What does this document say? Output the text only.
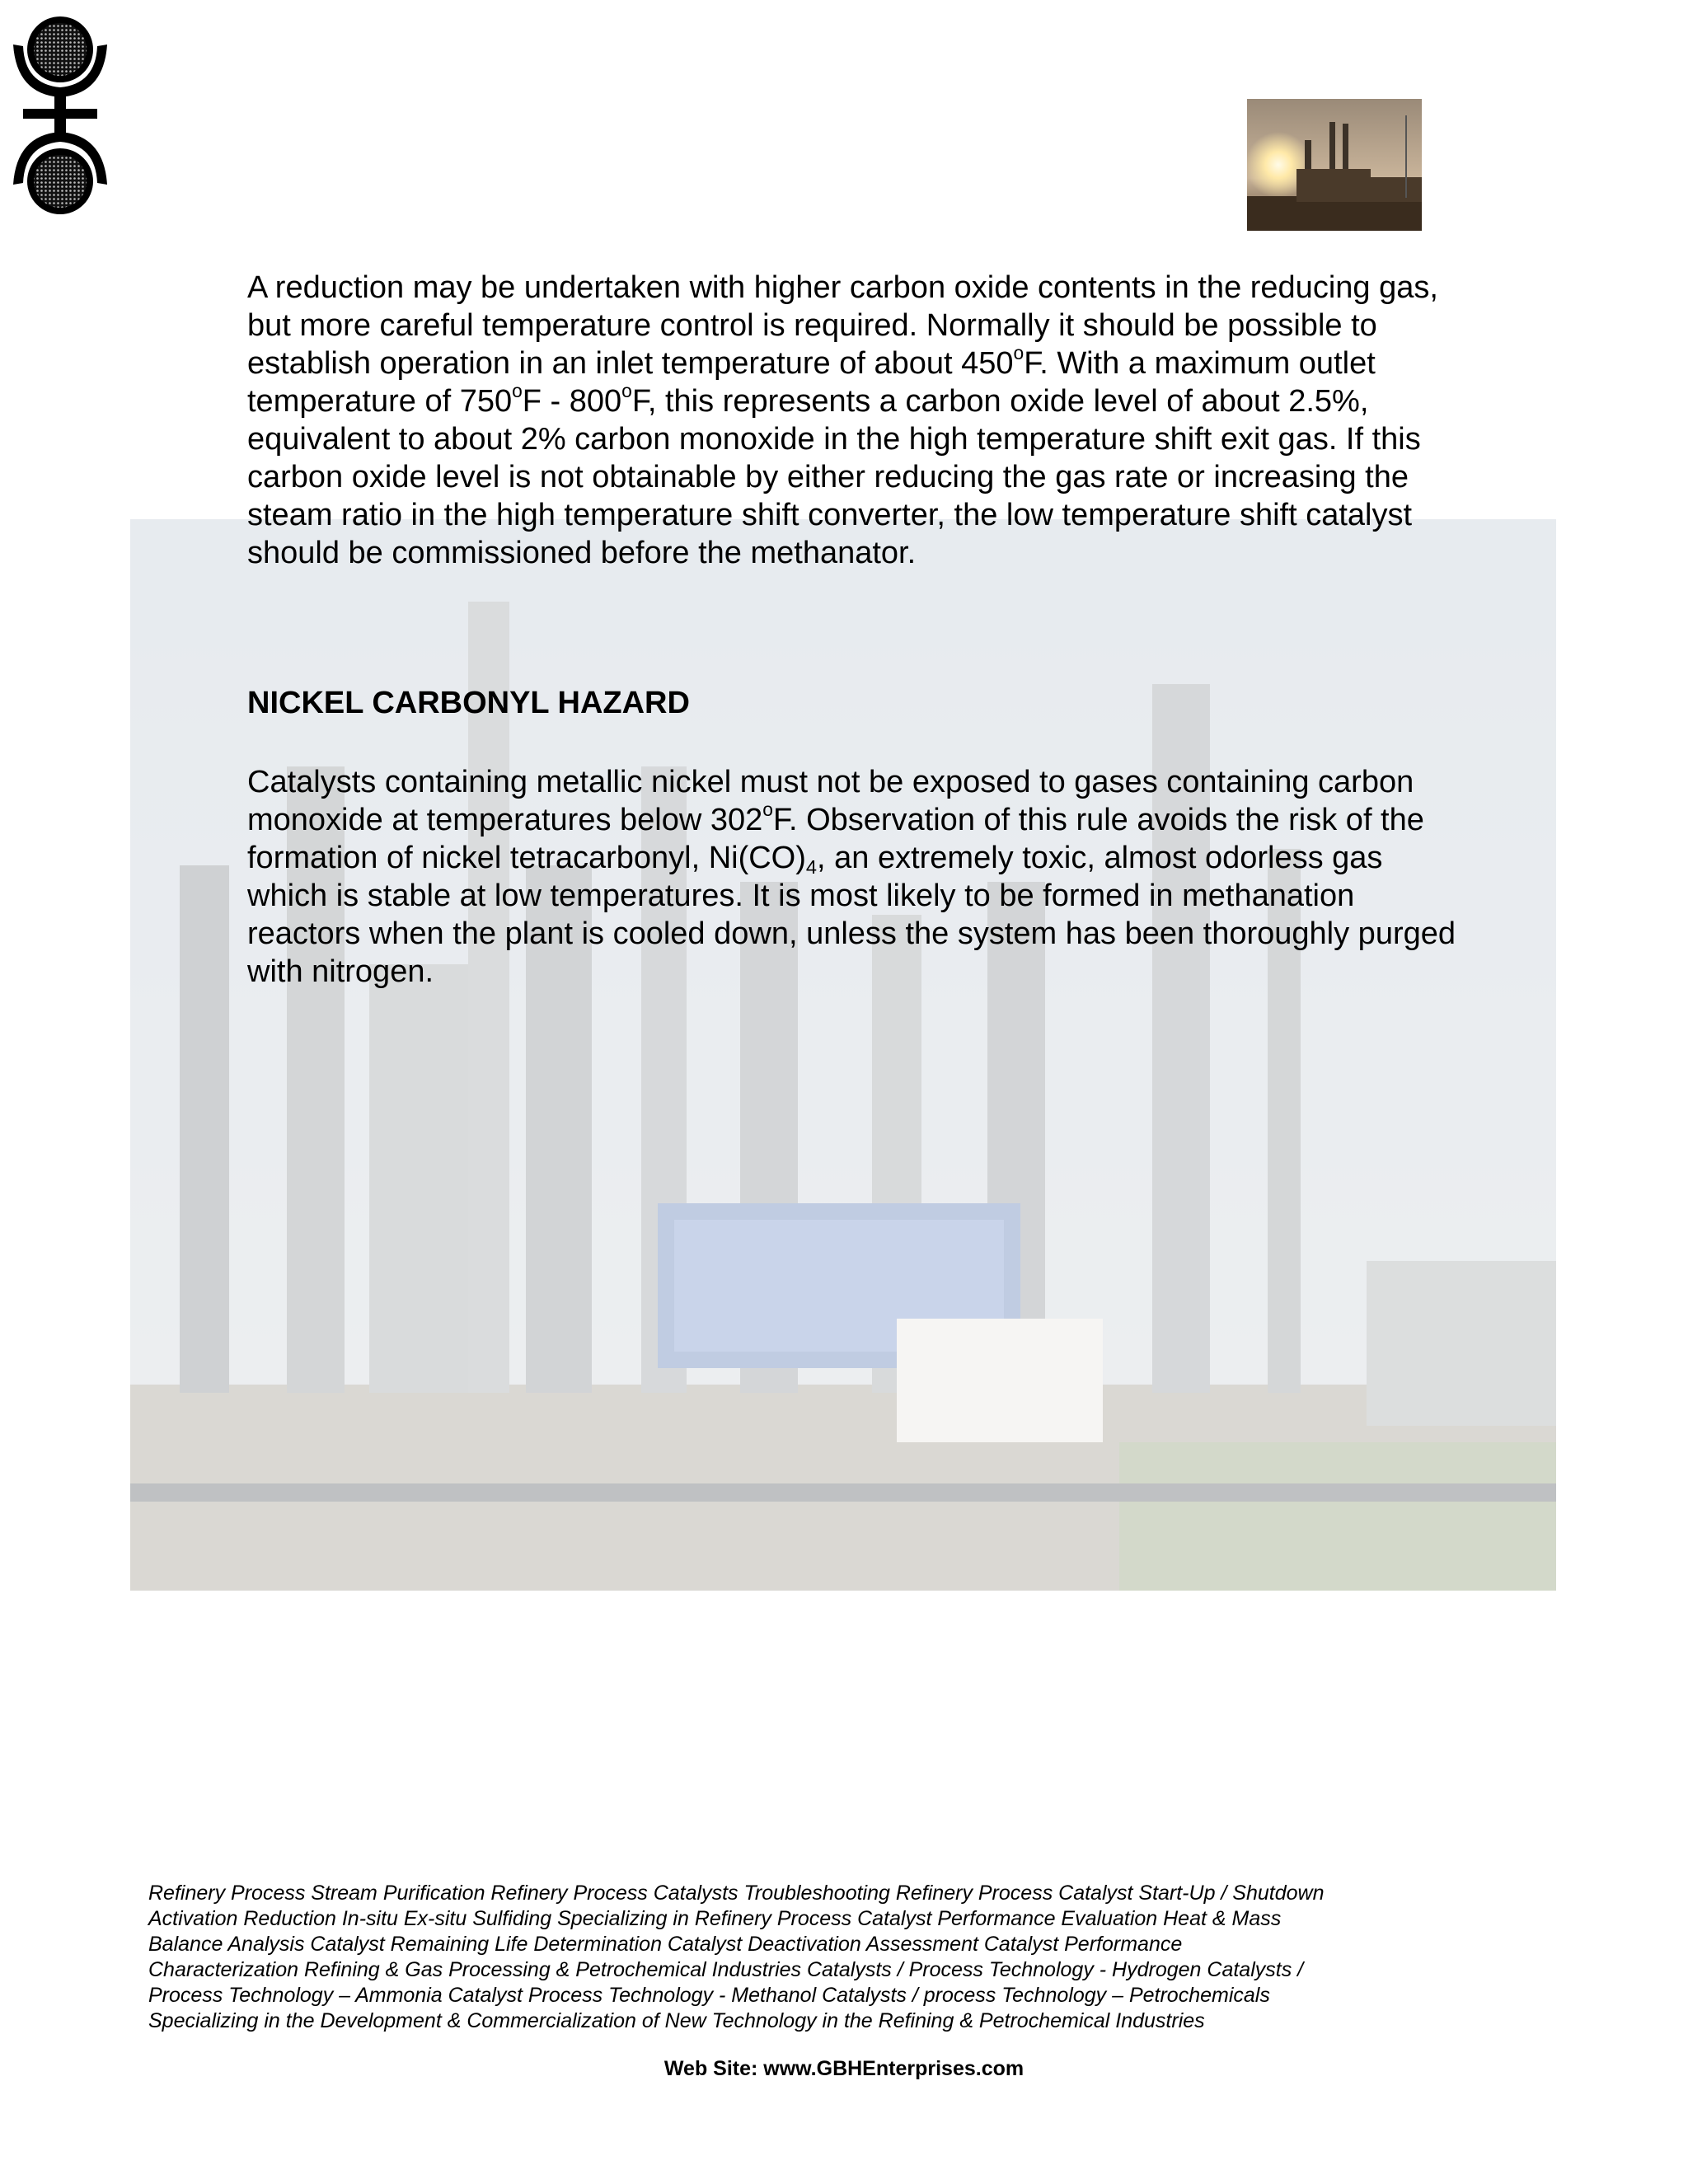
A reduction may be undertaken with higher carbon oxide contents in the reducing gas, but more careful temperature control is required. Normally it should be possible to establish operation in an inlet temperature of about 450$^o$F. With a maximum outlet temperature of 750$^o$F - 800$^o$F, this represents a carbon oxide level of about 2.5%, equivalent to about 2% carbon monoxide in the high temperature shift exit gas. If this carbon oxide level is not obtainable by either reducing the gas rate or increasing the steam ratio in the high temperature shift converter, the low temperature shift catalyst should be commissioned before the methanator.

NICKEL CARBONYL HAZARD

Catalysts containing metallic nickel must not be exposed to gases containing carbon monoxide at temperatures below 302$^o$F. Observation of this rule avoids the risk of the formation of nickel tetracarbonyl, $Ni(CO)_4$, an extremely toxic, almost odorless gas which is stable at low temperatures. It is most likely to be formed in methanation reactors when the plant is cooled down, unless the system has been thoroughly purged with nitrogen.

Refinery Process Stream Purification Refinery Process Catalysts Troubleshooting Refinery Process Catalyst Start-Up / Shutdown
Activation Reduction In-situ Ex-situ Sulfiding Specializing in Refinery Process Catalyst Performance Evaluation Heat & Mass
Balance Analysis Catalyst Remaining Life Determination Catalyst Deactivation Assessment Catalyst Performance
Characterization Refining & Gas Processing & Petrochemical Industries Catalysts / Process Technology - Hydrogen Catalysts /
Process Technology – Ammonia Catalyst Process Technology - Methanol Catalysts / process Technology – Petrochemicals
Specializing in the Development & Commercialization of New Technology in the Refining & Petrochemical Industries
Web Site: www.GBHEnterprises.com
